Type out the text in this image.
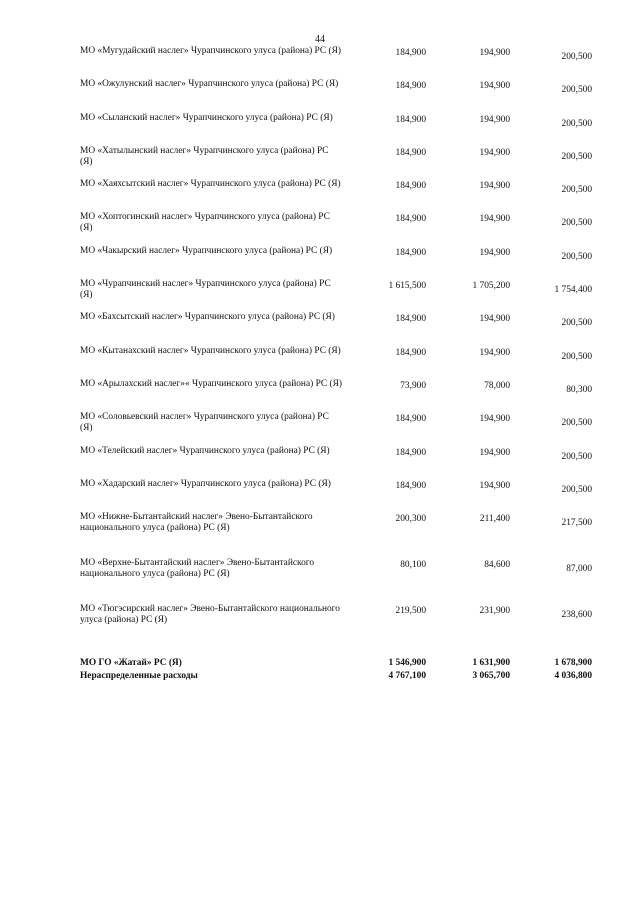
44
МО «Мугудайский наслег» Чурапчинского улуса (района) РС (Я)	184,900	194,900	200,500
МО «Ожулунский наслег» Чурапчинского улуса (района) РС (Я)	184,900	194,900	200,500
МО «Сыланский наслег» Чурапчинского улуса (района) РС (Я)	184,900	194,900	200,500
МО «Хатылынский наслег» Чурапчинского улуса (района) РС (Я)	184,900	194,900	200,500
МО «Хаяхсытский наслег» Чурапчинского улуса (района) РС (Я)	184,900	194,900	200,500
МО «Хоптогинский наслег» Чурапчинского улуса (района) РС (Я)	184,900	194,900	200,500
МО «Чакырский наслег» Чурапчинского улуса (района) РС (Я)	184,900	194,900	200,500
МО «Чурапчинский наслег» Чурапчинского улуса (района) РС (Я)	1 615,500	1 705,200	1 754,400
МО «Бахсытский наслег» Чурапчинского улуса (района) РС (Я)	184,900	194,900	200,500
МО «Кытанахский наслег» Чурапчинского улуса (района) РС (Я)	184,900	194,900	200,500
МО «Арылахский наслег»« Чурапчинского улуса (района) РС (Я)	73,900	78,000	80,300
МО «Соловьевский наслег» Чурапчинского улуса (района) РС (Я)	184,900	194,900	200,500
МО «Телейский наслег» Чурапчинского улуса (района) РС (Я)	184,900	194,900	200,500
МО «Хадарский наслег» Чурапчинского улуса (района) РС (Я)	184,900	194,900	200,500
МО «Нижне-Бытантайский наслег» Эвено-Бытантайского национального улуса (района) РС (Я)	200,300	211,400	217,500
МО «Верхне-Бытантайский наслег» Эвено-Бытантайского национального улуса (района) РС (Я)	80,100	84,600	87,000
МО «Тюгэсирский наслег» Эвено-Бытантайского национального улуса (района) РС (Я)	219,500	231,900	238,600
МО ГО «Жатай» РС (Я)	1 546,900	1 631,900	1 678,900
Нераспределенные расходы	4 767,100	3 065,700	4 036,800
